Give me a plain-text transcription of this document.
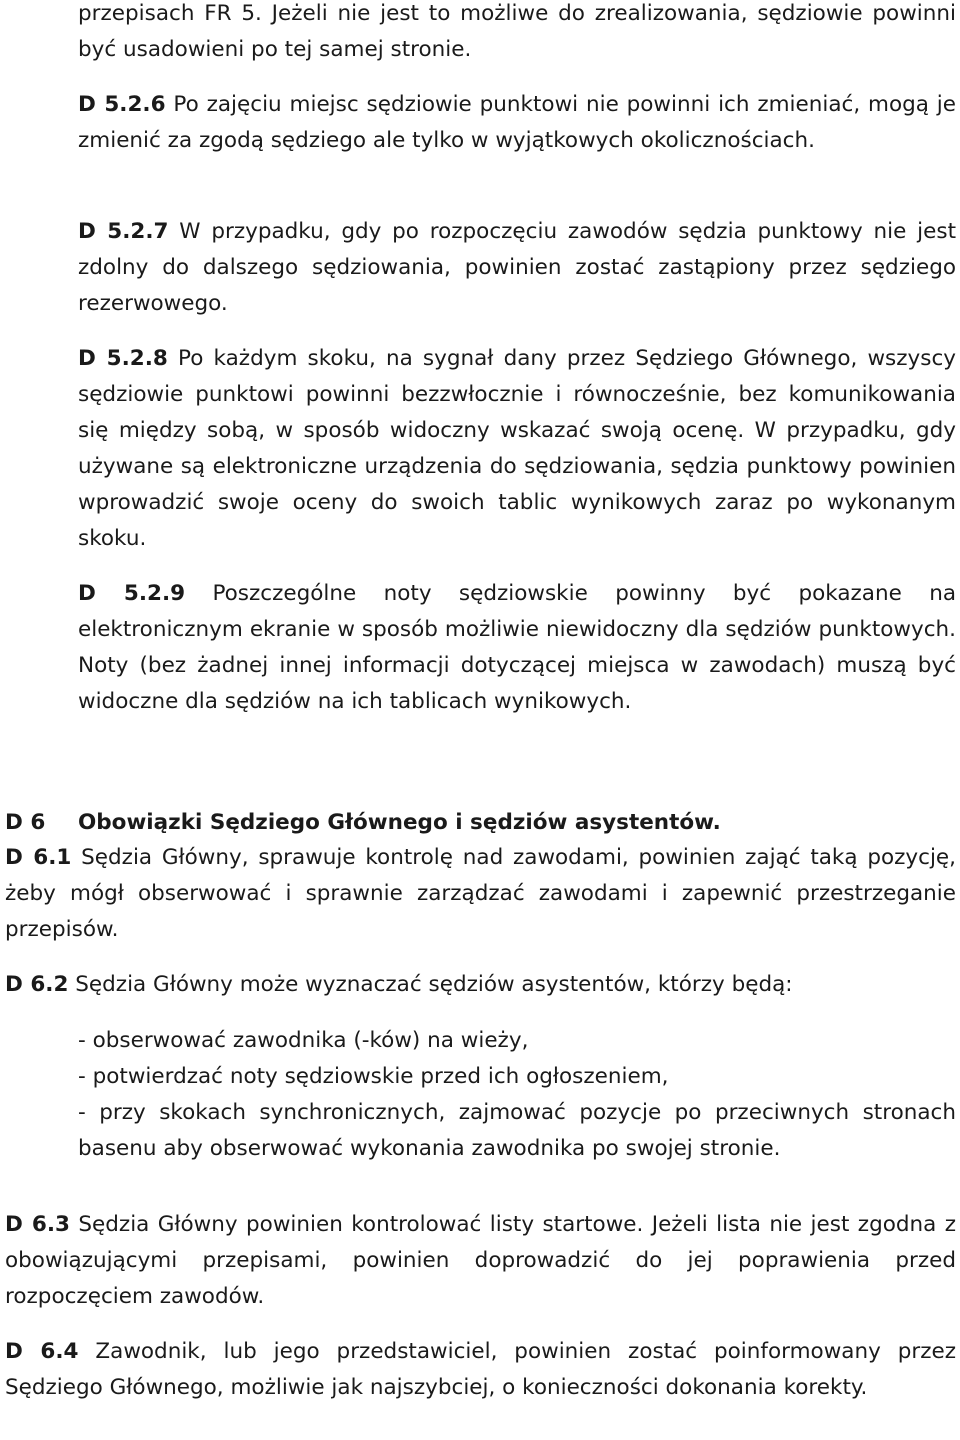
przepisach FR 5. Jeżeli nie jest to możliwe do zrealizowania, sędziowie powinni być usadowieni po tej samej stronie.

D 5.2.6 Po zajęciu miejsc sędziowie punktowi nie powinni ich zmieniać, mogą je zmienić za zgodą sędziego ale tylko w wyjątkowych okolicznościach.

D 5.2.7 W przypadku, gdy po rozpoczęciu zawodów sędzia punktowy nie jest zdolny do dalszego sędziowania, powinien zostać zastąpiony przez sędziego rezerwowego.

D 5.2.8 Po każdym skoku, na sygnał dany przez Sędziego Głównego, wszyscy sędziowie punktowi powinni bezzwłocznie i równocześnie, bez komunikowania się między sobą, w sposób widoczny wskazać swoją ocenę. W przypadku, gdy używane są elektroniczne urządzenia do sędziowania, sędzia punktowy powinien wprowadzić swoje oceny do swoich tablic wynikowych zaraz po wykonanym skoku.

D 5.2.9 Poszczególne noty sędziowskie powinny być pokazane na elektronicznym ekranie w sposób możliwie niewidoczny dla sędziów punktowych. Noty (bez żadnej innej informacji dotyczącej miejsca w zawodach) muszą być widoczne dla sędziów na ich tablicach wynikowych.

D 6 Obowiązki Sędziego Głównego i sędziów asystentów.

D 6.1 Sędzia Główny, sprawuje kontrolę nad zawodami, powinien zająć taką pozycję, żeby mógł obserwować i sprawnie zarządzać zawodami i zapewnić przestrzeganie przepisów.

D 6.2 Sędzia Główny może wyznaczać sędziów asystentów, którzy będą:

- obserwować zawodnika (-ków) na wieży,

- potwierdzać noty sędziowskie przed ich ogłoszeniem,

- przy skokach synchronicznych, zajmować pozycje po przeciwnych stronach basenu aby obserwować wykonania zawodnika po swojej stronie.

D 6.3 Sędzia Główny powinien kontrolować listy startowe. Jeżeli lista nie jest zgodna z obowiązującymi przepisami, powinien doprowadzić do jej poprawienia przed rozpoczęciem zawodów.

D 6.4 Zawodnik, lub jego przedstawiciel, powinien zostać poinformowany przez Sędziego Głównego, możliwie jak najszybciej, o konieczności dokonania korekty.
